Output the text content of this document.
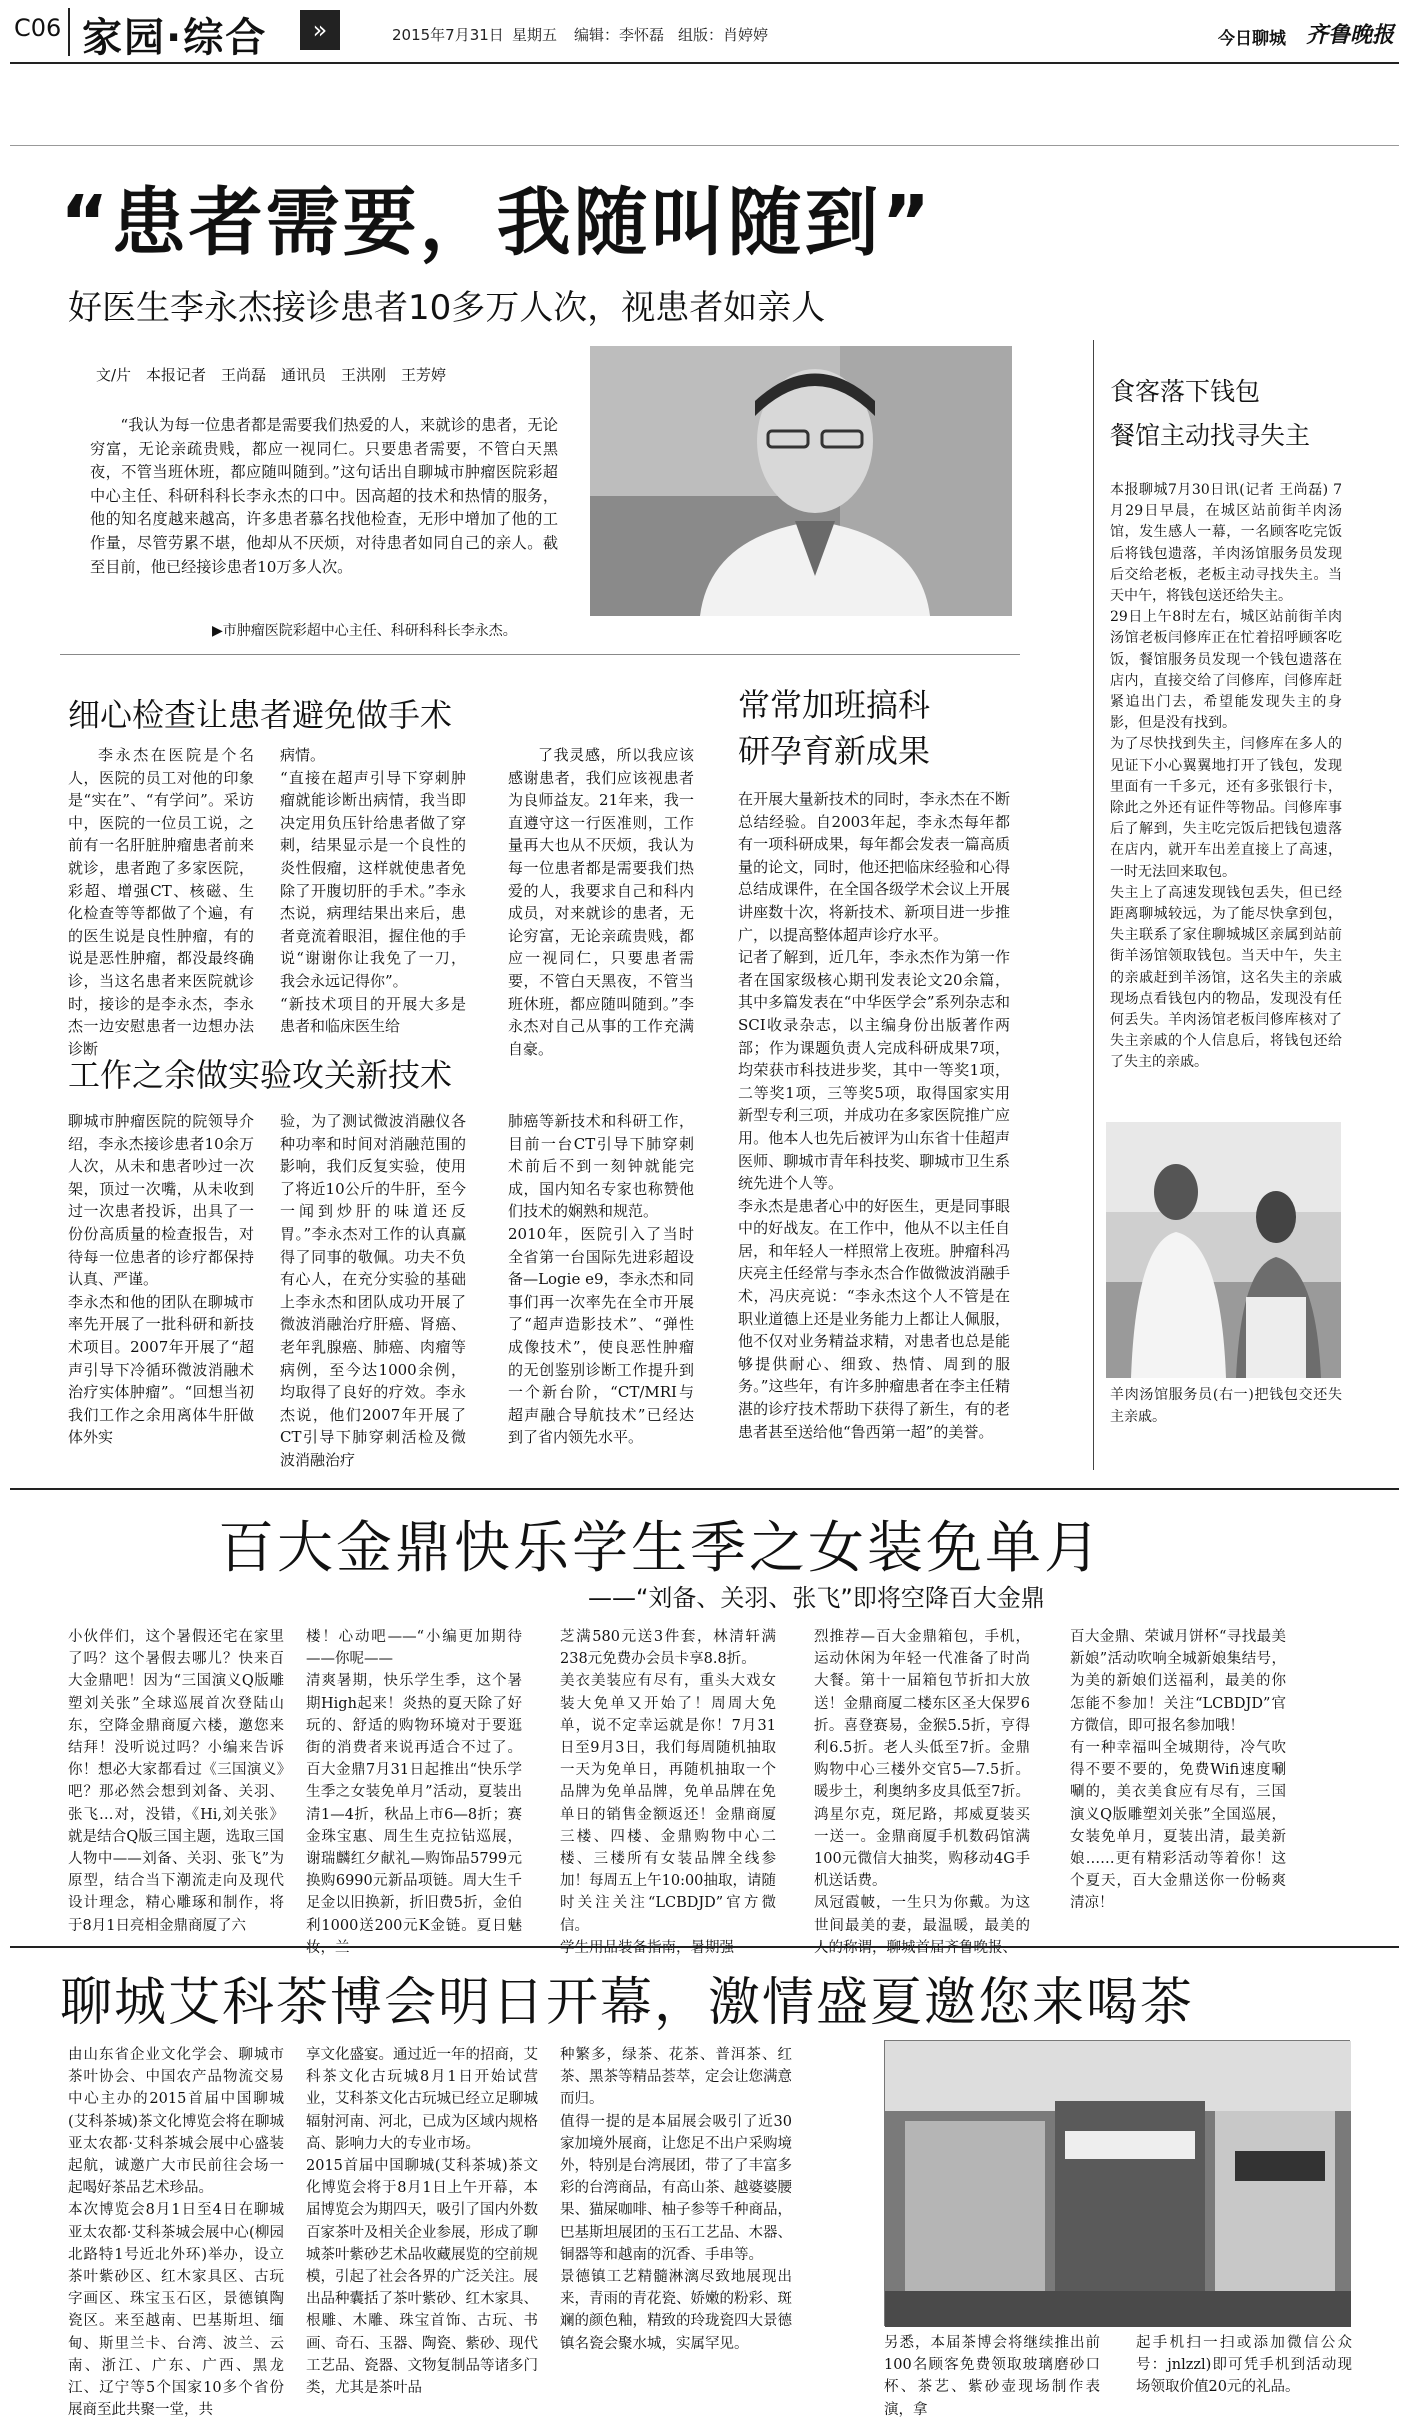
C06 家园·综合	»	2015年7月31日 星期五 编辑：李怀磊 组版：肖婷婷	今日聊城 齐鲁晚报
“患者需要，我随叫随到”
好医生李永杰接诊患者10多万人次，视患者如亲人
文/片　本报记者　王尚磊　通讯员　王洪刚　王芳婷
“我认为每一位患者都是需要我们热爱的人，来就诊的患者，无论穷富，无论亲疏贵贱，都应一视同仁。只要患者需要，不管白天黑夜，不管当班休班，都应随叫随到。”这句话出自聊城市肿瘤医院彩超中心主任、科研科科长李永杰的口中。因高超的技术和热情的服务，他的知名度越来越高，许多患者慕名找他检查，无形中增加了他的工作量，尽管劳累不堪，他却从不厌烦，对待患者如同自己的亲人。截至目前，他已经接诊患者10万多人次。
▶市肿瘤医院彩超中心主任、科研科科长李永杰。
细心检查让患者避免做手术
李永杰在医院是个名人，医院的员工对他的印象是“实在”、“有学问”。采访中，医院的一位员工说，之前有一名肝脏肿瘤患者前来就诊，患者跑了多家医院，彩超、增强CT、核磁、生化检查等等都做了个遍，有的医生说是良性肿瘤，有的说是恶性肿瘤，都没最终确诊，当这名患者来医院就诊时，接诊的是李永杰，李永杰一边安慰患者一边想办法诊断
病情。
“直接在超声引导下穿刺肿瘤就能诊断出病情，我当即决定用负压针给患者做了穿刺，结果显示是一个良性的炎性假瘤，这样就使患者免除了开腹切肝的手术。”李永杰说，病理结果出来后，患者竟流着眼泪，握住他的手说“谢谢你让我免了一刀，我会永远记得你”。
“新技术项目的开展大多是患者和临床医生给
了我灵感，所以我应该感谢患者，我们应该视患者为良师益友。21年来，我一直遵守这一行医准则，工作量再大也从不厌烦，我认为每一位患者都是需要我们热爱的人，我要求自己和科内成员，对来就诊的患者，无论穷富，无论亲疏贵贱，都应一视同仁，只要患者需要，不管白天黑夜，不管当班休班，都应随叫随到。”李永杰对自己从事的工作充满自豪。
工作之余做实验攻关新技术
聊城市肿瘤医院的院领导介绍，李永杰接诊患者10余万人次，从未和患者吵过一次架，顶过一次嘴，从未收到过一次患者投诉，出具了一份份高质量的检查报告，对待每一位患者的诊疗都保持认真、严谨。
李永杰和他的团队在聊城市率先开展了一批科研和新技术项目。2007年开展了“超声引导下冷循环微波消融术治疗实体肿瘤”。“回想当初我们工作之余用离体牛肝做体外实
验，为了测试微波消融仪各种功率和时间对消融范围的影响，我们反复实验，使用了将近10公斤的牛肝，至今一闻到炒肝的味道还反胃。”李永杰对工作的认真赢得了同事的敬佩。功夫不负有心人，在充分实验的基础上李永杰和团队成功开展了微波消融治疗肝癌、肾癌、老年乳腺癌、肺癌、肉瘤等病例，至今达1000余例，均取得了良好的疗效。李永杰说，他们2007年开展了CT引导下肺穿刺活检及微波消融治疗
肺癌等新技术和科研工作，目前一台CT引导下肺穿刺术前后不到一刻钟就能完成，国内知名专家也称赞他们技术的娴熟和规范。
2010年，医院引入了当时全省第一台国际先进彩超设备—Logie e9，李永杰和同事们再一次率先在全市开展了“超声造影技术”、“弹性成像技术”，使良恶性肿瘤的无创鉴别诊断工作提升到一个新台阶，“CT/MRI与超声融合导航技术”已经达到了省内领先水平。
常常加班搞科
研孕育新成果
在开展大量新技术的同时，李永杰在不断总结经验。自2003年起，李永杰每年都有一项科研成果，每年都会发表一篇高质量的论文，同时，他还把临床经验和心得总结成课件，在全国各级学术会议上开展讲座数十次，将新技术、新项目进一步推广，以提高整体超声诊疗水平。
记者了解到，近几年，李永杰作为第一作者在国家级核心期刊发表论文20余篇，其中多篇发表在“中华医学会”系列杂志和SCI收录杂志，以主编身份出版著作两部；作为课题负责人完成科研成果7项，均荣获市科技进步奖，其中一等奖1项，二等奖1项，三等奖5项，取得国家实用新型专利三项，并成功在多家医院推广应用。他本人也先后被评为山东省十佳超声医师、聊城市青年科技奖、聊城市卫生系统先进个人等。
李永杰是患者心中的好医生，更是同事眼中的好战友。在工作中，他从不以主任自居，和年轻人一样照常上夜班。肿瘤科冯庆亮主任经常与李永杰合作做微波消融手术，冯庆亮说：“李永杰这个人不管是在职业道德上还是业务能力上都让人佩服，他不仅对业务精益求精，对患者也总是能够提供耐心、细致、热情、周到的服务。”这些年，有许多肿瘤患者在李主任精湛的诊疗技术帮助下获得了新生，有的老患者甚至送给他“鲁西第一超”的美誉。
食客落下钱包
餐馆主动找寻失主
本报聊城7月30日讯(记者 王尚磊) 7月29日早晨，在城区站前街羊肉汤馆，发生感人一幕，一名顾客吃完饭后将钱包遗落，羊肉汤馆服务员发现后交给老板，老板主动寻找失主。当天中午，将钱包送还给失主。
29日上午8时左右，城区站前街羊肉汤馆老板闫修库正在忙着招呼顾客吃饭，餐馆服务员发现一个钱包遗落在店内，直接交给了闫修库，闫修库赶紧追出门去，希望能发现失主的身影，但是没有找到。
为了尽快找到失主，闫修库在多人的见证下小心翼翼地打开了钱包，发现里面有一千多元，还有多张银行卡，除此之外还有证件等物品。闫修库事后了解到，失主吃完饭后把钱包遗落在店内，就开车出差直接上了高速，一时无法回来取包。
失主上了高速发现钱包丢失，但已经距离聊城较远，为了能尽快拿到包，失主联系了家住聊城城区亲属到站前街羊汤馆领取钱包。当天中午，失主的亲戚赶到羊汤馆，这名失主的亲戚现场点看钱包内的物品，发现没有任何丢失。羊肉汤馆老板闫修库核对了失主亲戚的个人信息后，将钱包还给了失主的亲戚。
羊肉汤馆服务员(右一)把钱包交还失主亲戚。
百大金鼎快乐学生季之女装免单月
——“刘备、关羽、张飞”即将空降百大金鼎
小伙伴们，这个暑假还宅在家里了吗？这个暑假去哪儿？快来百大金鼎吧！因为“三国演义Q版雕塑刘关张”全球巡展首次登陆山东，空降金鼎商厦六楼，邀您来结拜！没听说过吗？小编来告诉你！想必大家都看过《三国演义》吧？那必然会想到刘备、关羽、张飞…对，没错，《Hi,刘关张》就是结合Q版三国主题，选取三国人物中——刘备、关羽、张飞”为原型，结合当下潮流走向及现代设计理念，精心雕琢和制作，将于8月1日亮相金鼎商厦了六
楼！心动吧——“小编更加期待——你呢——
清爽暑期，快乐学生季，这个暑期High起来！炎热的夏天除了好玩的、舒适的购物环境对于要逛街的消费者来说再适合不过了。百大金鼎7月31日起推出“快乐学生季之女装免单月”活动，夏装出清1—4折，秋品上市6—8折；赛金珠宝惠、周生生克拉钻巡展，谢瑞麟红夕献礼—购饰品5799元换购6990元新品项链。周大生千足金以旧换新，折旧费5折，金伯利1000送200元K金链。夏日魅
芝满580元送3件套，林清轩满238元免费办会员卡享8.8折。
美衣美装应有尽有，重头大戏女装大免单又开始了！周周大免单，说不定幸运就是你！7月31日至9月3日，我们每周随机抽取一天为免单日，再随机抽取一个品牌为免单品牌，免单品牌在免单日的销售金额返还！金鼎商厦三楼、四楼、金鼎购物中心二楼、三楼所有女装品牌全线参加！每周五上午10:00抽取，请随时关注关注“LCBDJD”官方微信。

烈推荐—百大金鼎箱包，手机，运动休闲为年轻一代准备了时尚大餐。第十一届箱包节折扣大放送！金鼎商厦二楼东区圣大保罗6折。喜登赛易，金猴5.5折，亨得利6.5折。老人头低至7折。金鼎购物中心三楼外交官5—7.5折。暖步土，利奥纳多皮具低至7折。鸿星尔克，斑尼路，邦威夏装买一送一。金鼎商厦手机数码馆满100元微信大抽奖，购移动4G手机送话费。
凤冠霞帔，一生只为你戴。为这世间最美的妻，最温暖，最美的
百大金鼎、荣诚月饼杯“寻找最美新娘”活动吹响全城新娘集结号，为美的新娘们送福利，最美的你怎能不参加！关注“LCBDJD”官方微信，即可报名参加哦！
有一种幸福叫全城期待，冷气吹得不要不要的，免费Wifi速度唰唰的，美衣美食应有尽有，三国演义Q版雕塑刘关张”全国巡展，女装免单月，夏装出清，最美新娘……更有精彩活动等着你！这个夏天，百大金鼎送你一份畅爽清凉！
聊城艾科茶博会明日开幕，激情盛夏邀您来喝茶
由山东省企业文化学会、聊城市茶叶协会、中国农产品物流交易中心主办的2015首届中国聊城(艾科茶城)茶文化博览会将在聊城亚太农都·艾科茶城会展中心盛装起航，诚邀广大市民前往会场一起喝好茶品艺术珍品。
本次博览会8月1日至4日在聊城亚太农都·艾科茶城会展中心(柳园北路特1号近北外环)举办，设立茶叶紫砂区、红木家具区、古玩字画区、珠宝玉石区，景德镇陶瓷区。来至越南、巴基斯坦、缅甸、斯里兰卡、台湾、波兰、云南、浙江、广东、广西、黑龙江、辽宁等5个国家10多个省份展商至此共聚一堂，共
享文化盛宴。通过近一年的招商，艾科茶文化古玩城8月1日开始试营业，艾科茶文化古玩城已经立足聊城辐射河南、河北，已成为区域内规格高、影响力大的专业市场。
2015首届中国聊城(艾科茶城)茶文化博览会将于8月1日上午开幕，本届博览会为期四天，吸引了国内外数百家茶叶及相关企业参展，形成了聊城茶叶紫砂艺术品收藏展览的空前规模，引起了社会各界的广泛关注。展出品种囊括了茶叶紫砂、红木家具、根雕、木雕、珠宝首饰、古玩、书画、奇石、玉器、陶瓷、紫砂、现代工艺品、瓷器、文物复制品等诸多门类，尤其是茶叶品
种繁多，绿茶、花茶、普洱茶、红茶、黑茶等精品荟萃，定会让您满意而归。
值得一提的是本届展会吸引了近30家加境外展商，让您足不出户采购境外，特别是台湾展团，带了了丰富多彩的台湾商品，有高山茶、越婆婆腰果、猫屎咖啡、柚子参等千种商品，巴基斯坦展团的玉石工艺品、木器、铜器等和越南的沉香、手串等。
景德镇工艺精髓淋漓尽致地展现出来，青雨的青花瓷、娇嫩的粉彩、斑斓的颜色釉，精致的玲珑瓷四大景德镇名瓷会聚水城，实属罕见。	另悉，本届茶博会将继续推出前100名顾客免费领取玻璃磨砂口杯、茶艺、紫砂壶现场制作表演，拿
起手机扫一扫或添加微信公众号：jnlzzl)即可凭手机到活动现场领取价值20元的礼品。
